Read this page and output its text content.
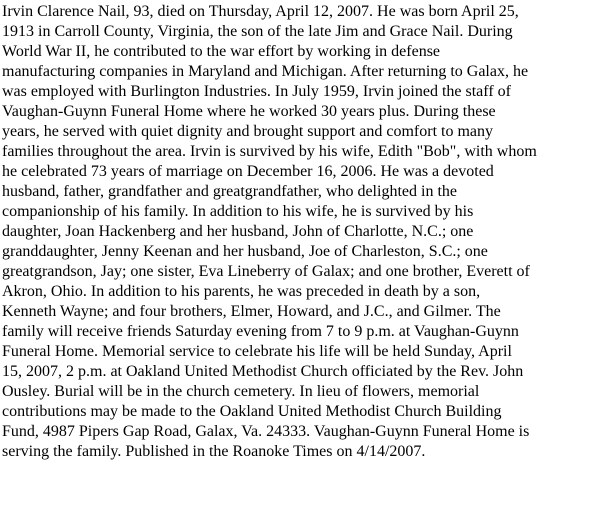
Irvin Clarence Nail, 93, died on Thursday, April 12, 2007. He was born April 25,
1913 in Carroll County, Virginia, the son of the late Jim and Grace Nail. During
World War II, he contributed to the war effort by working in defense
manufacturing companies in Maryland and Michigan. After returning to Galax, he
was employed with Burlington Industries. In July 1959, Irvin joined the staff of
Vaughan-Guynn Funeral Home where he worked 30 years plus. During these
years, he served with quiet dignity and brought support and comfort to many
families throughout the area. Irvin is survived by his wife, Edith "Bob", with whom
he celebrated 73 years of marriage on December 16, 2006. He was a devoted
husband, father, grandfather and greatgrandfather, who delighted in the
companionship of his family. In addition to his wife, he is survived by his
daughter, Joan Hackenberg and her husband, John of Charlotte, N.C.; one
granddaughter, Jenny Keenan and her husband, Joe of Charleston, S.C.; one
greatgrandson, Jay; one sister, Eva Lineberry of Galax; and one brother, Everett of
Akron, Ohio. In addition to his parents, he was preceded in death by a son,
Kenneth Wayne; and four brothers, Elmer, Howard, and J.C., and Gilmer. The
family will receive friends Saturday evening from 7 to 9 p.m. at Vaughan-Guynn
Funeral Home. Memorial service to celebrate his life will be held Sunday, April
15, 2007, 2 p.m. at Oakland United Methodist Church officiated by the Rev. John
Ousley. Burial will be in the church cemetery. In lieu of flowers, memorial
contributions may be made to the Oakland United Methodist Church Building
Fund, 4987 Pipers Gap Road, Galax, Va. 24333. Vaughan-Guynn Funeral Home is
serving the family. Published in the Roanoke Times on 4/14/2007.
